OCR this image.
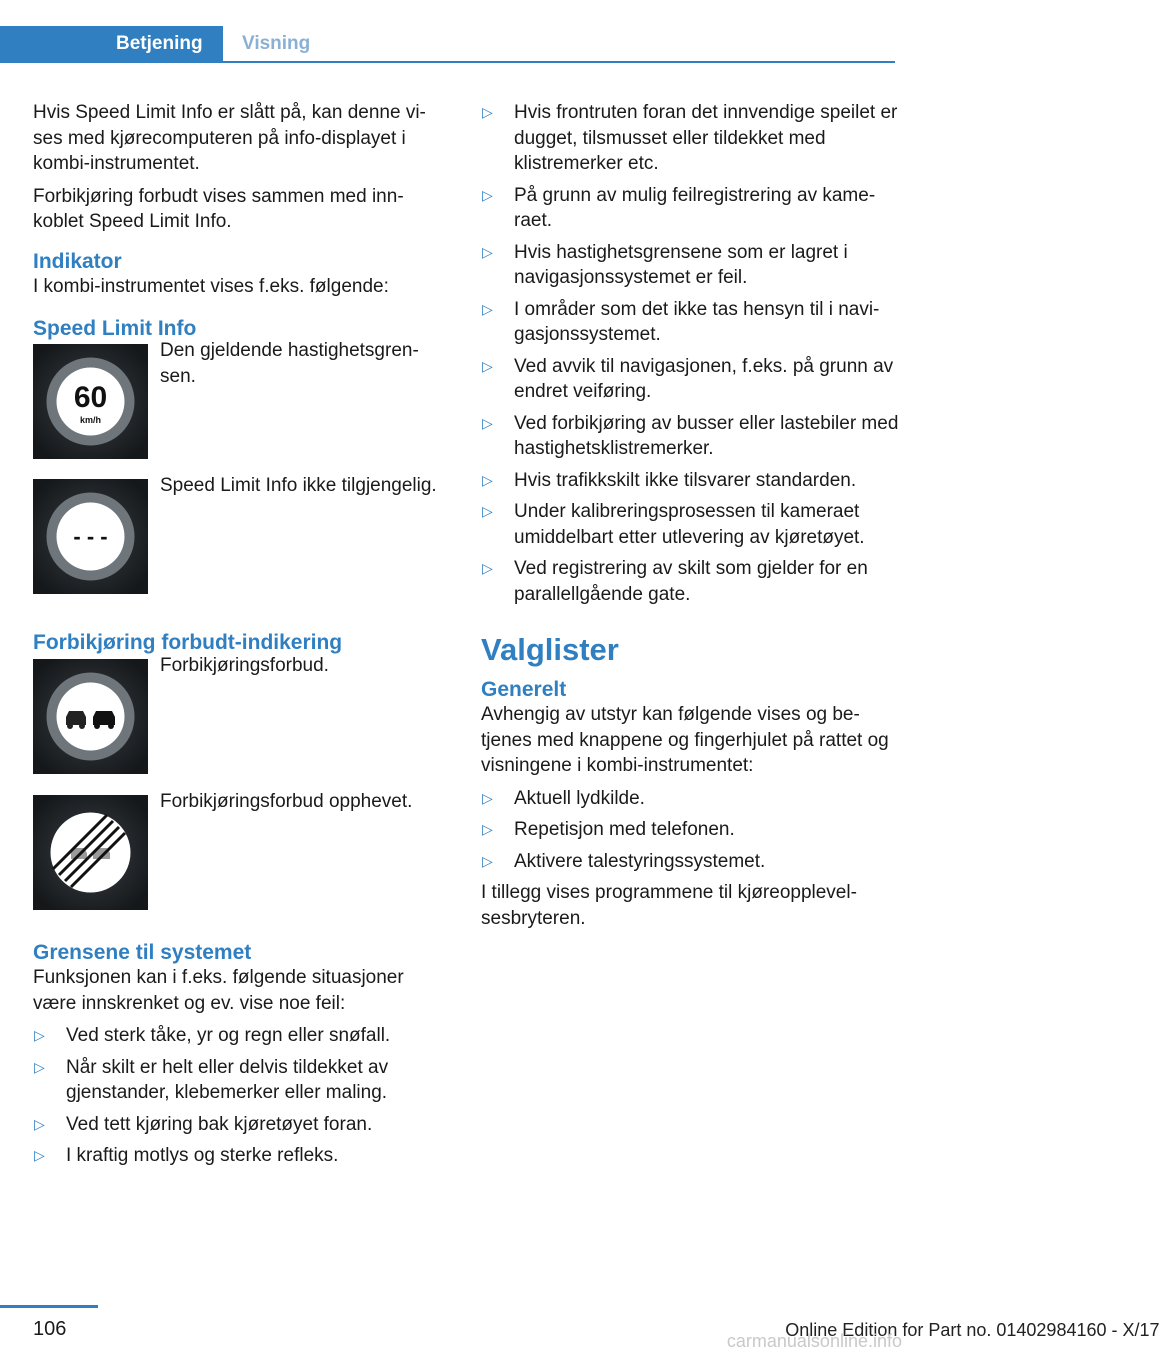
Betjening	Visning

Hvis Speed Limit Info er slått på, kan denne vises med kjørecomputeren på info-displayet i kombi-instrumentet.

Forbikjøring forbudt vises sammen med innkoblet Speed Limit Info.

Indikator

I kombi-instrumentet vises f.eks. følgende:

Speed Limit Info
60
km/h
Den gjeldende hastighetsgrensen.
- - -
Speed Limit Info ikke tilgjengelig.
Forbikjøring forbudt-indikering
Forbikjøringsforbud.
Forbikjøringsforbud opphevet.
Grensene til systemet

Funksjonen kan i f.eks. følgende situasjoner være innskrenket og ev. vise noe feil:

▷ Ved sterk tåke, yr og regn eller snøfall.
▷ Når skilt er helt eller delvis tildekket av gjenstander, klebemerker eller maling.
▷ Ved tett kjøring bak kjøretøyet foran.
▷ I kraftig motlys og sterke refleks.
▷ Hvis frontruten foran det innvendige speilet er dugget, tilsmusset eller tildekket med klistremerker etc.
▷ På grunn av mulig feilregistrering av kameraet.
▷ Hvis hastighetsgrensene som er lagret i navigasjonssystemet er feil.
▷ I områder som det ikke tas hensyn til i navigasjonssystemet.
▷ Ved avvik til navigasjonen, f.eks. på grunn av endret veiføring.
▷ Ved forbikjøring av busser eller lastebiler med hastighetsklistremerker.
▷ Hvis trafikkskilt ikke tilsvarer standarden.
▷ Under kalibreringsprosessen til kameraet umiddelbart etter utlevering av kjøretøyet.
▷ Ved registrering av skilt som gjelder for en parallellgående gate.
Valglister
Generelt

Avhengig av utstyr kan følgende vises og betjenes med knappene og fingerhjulet på rattet og visningene i kombi-instrumentet:

▷ Aktuell lydkilde.
▷ Repetisjon med telefonen.
▷ Aktivere talestyringssystemet.

I tillegg vises programmene til kjøreopplevelsesbryteren.

106	Online Edition for Part no. 01402984160 - X/17
carmanualsonline.info
